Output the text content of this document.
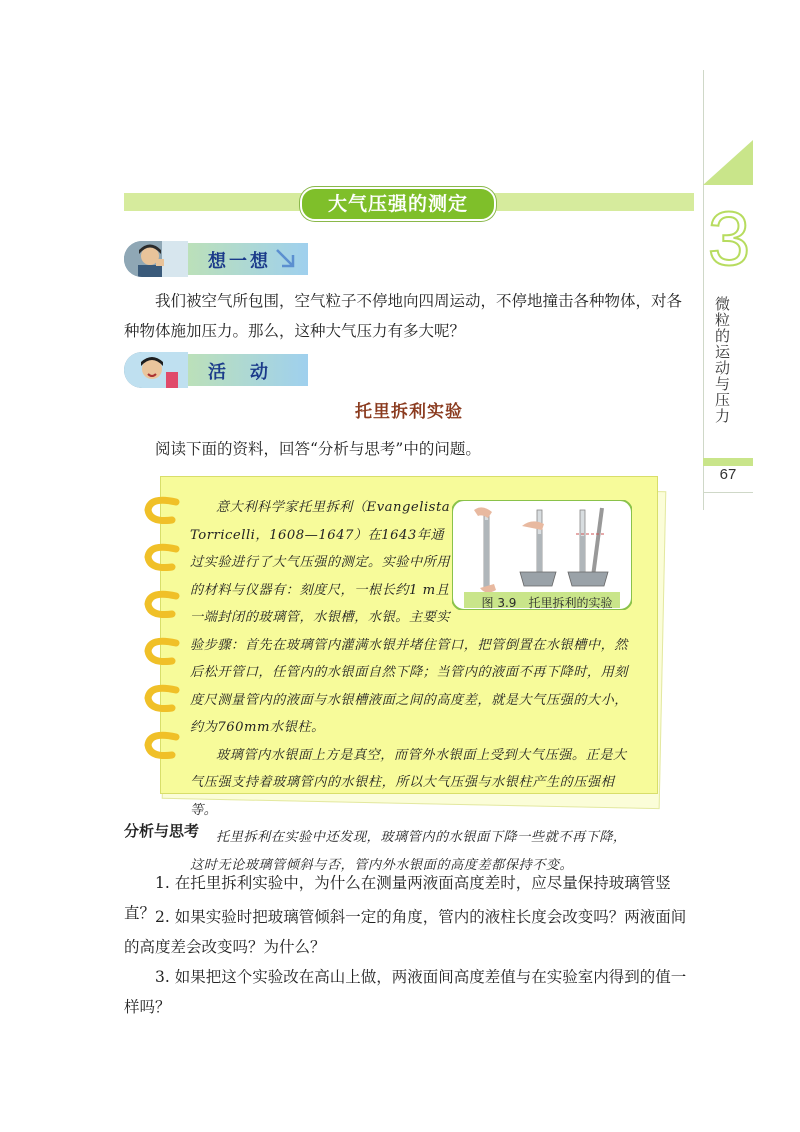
3
微粒的运动与压力
67
大气压强的测定
想一想
我们被空气所包围，空气粒子不停地向四周运动，不停地撞击各种物体，对各种物体施加压力。那么，这种大气压力有多大呢？
活　动
托里拆利实验
阅读下面的资料，回答“分析与思考”中的问题。
图 3.9　托里拆利的实验

意大利科学家托里拆利（Evangelista Torricelli，1608—1647）在1643年通过实验进行了大气压强的测定。实验中所用的材料与仪器有：刻度尺，一根长约1 m且一端封闭的玻璃管，水银槽，水银。主要实验步骤：首先在玻璃管内灌满水银并堵住管口，把管倒置在水银槽中，然后松开管口，任管内的水银面自然下降；当管内的液面不再下降时，用刻度尺测量管内的液面与水银槽液面之间的高度差，就是大气压强的大小，约为760mm水银柱。

玻璃管内水银面上方是真空，而管外水银面上受到大气压强。正是大气压强支持着玻璃管内的水银柱，所以大气压强与水银柱产生的压强相等。

托里拆利在实验中还发现，玻璃管内的水银面下降一些就不再下降，这时无论玻璃管倾斜与否，管内外水银面的高度差都保持不变。

分析与思考
1. 在托里拆利实验中，为什么在测量两液面高度差时，应尽量保持玻璃管竖直？ 2. 如果实验时把玻璃管倾斜一定的角度，管内的液柱长度会改变吗？两液面间的高度差会改变吗？为什么？
3. 如果把这个实验改在高山上做，两液面间高度差值与在实验室内得到的值一样吗？
